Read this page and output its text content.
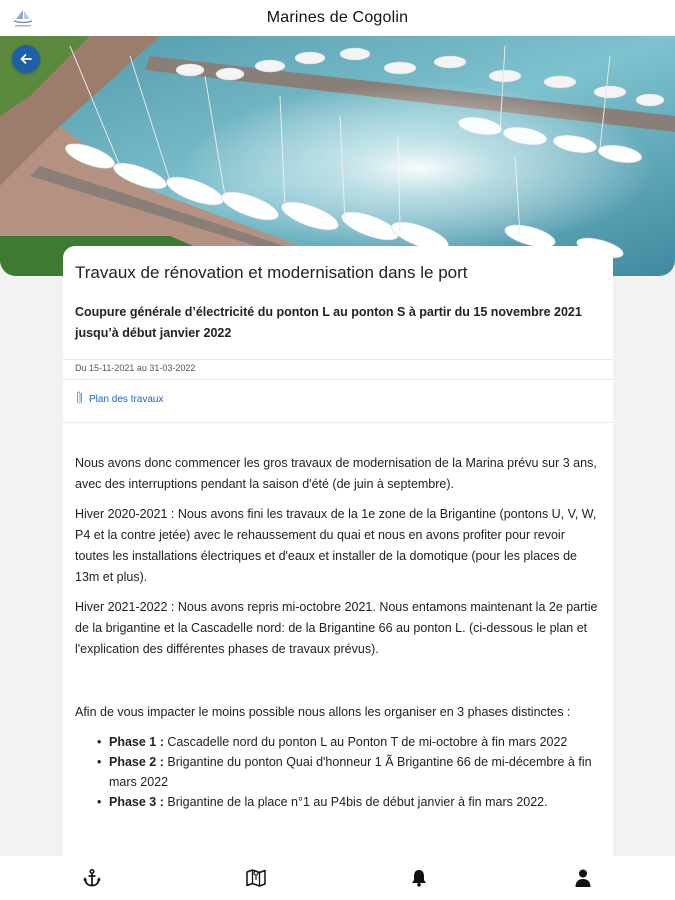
Marines de Cogolin
Travaux de rénovation et modernisation dans le port
Coupure générale d’électricité du ponton L au ponton S à partir du 15 novembre 2021 jusqu’à début janvier 2022
Du 15-11-2021 au 31-03-2022
Plan des travaux

Nous avons donc commencer les gros travaux de modernisation de la Marina prévu sur 3 ans, avec des interruptions pendant la saison d'été (de juin à septembre).

Hiver 2020-2021 : Nous avons fini les travaux de la 1e zone de la Brigantine (pontons U, V, W, P4 et la contre jetée) avec le rehaussement du quai et nous en avons profiter pour revoir toutes les installations électriques et d'eaux et installer de la domotique (pour les places de 13m et plus).

Hiver 2021-2022 : Nous avons repris mi-octobre 2021. Nous entamons maintenant la 2e partie de la brigantine et la Cascadelle nord: de la Brigantine 66 au ponton L. (ci-dessous le plan et l'explication des différentes phases de travaux prévus).

Afin de vous impacter le moins possible nous allons les organiser en 3 phases distinctes :

• Phase 1 : Cascadelle nord du ponton L au Ponton T de mi-octobre à fin mars 2022
• Phase 2 : Brigantine du ponton Quai d'honneur 1 Ã Brigantine 66 de mi-décembre à fin mars 2022
• Phase 3 : Brigantine de la place n°1 au P4bis de début janvier à fin mars 2022.
